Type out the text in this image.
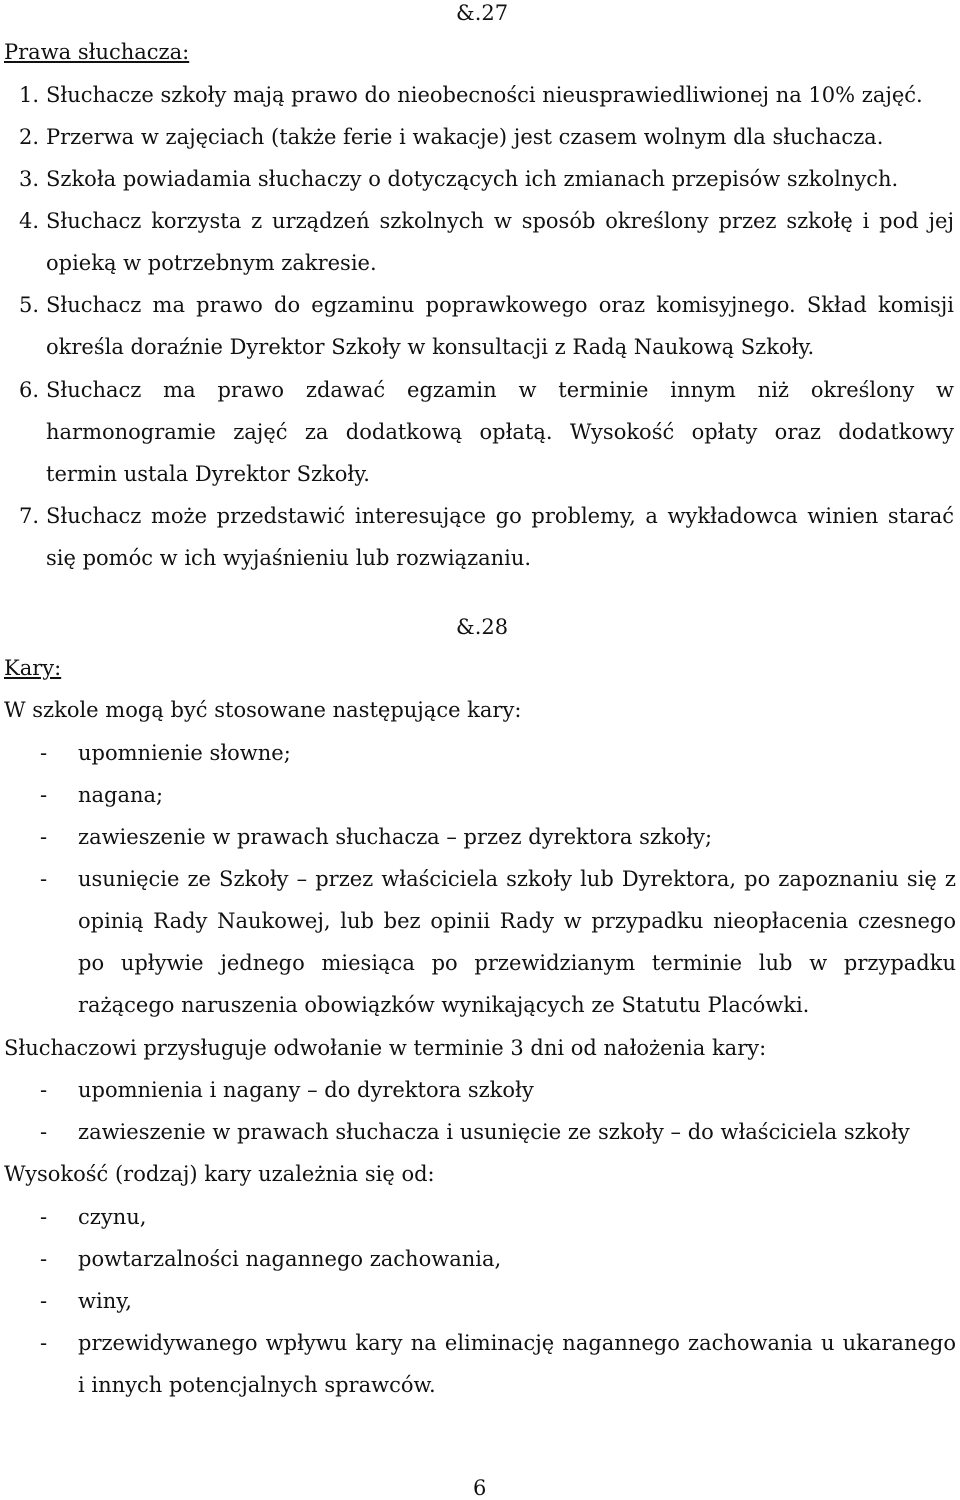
&.27
Prawa słuchacza:
1. Słuchacze szkoły mają prawo do nieobecności nieusprawiedliwionej na 10% zajęć.
2. Przerwa w zajęciach (także ferie i wakacje) jest czasem wolnym dla słuchacza.
3. Szkoła powiadamia słuchaczy o dotyczących ich zmianach przepisów szkolnych.
4. Słuchacz korzysta z urządzeń szkolnych w sposób określony przez szkołę i pod jej
opieką w potrzebnym zakresie.
5. Słuchacz ma prawo do egzaminu poprawkowego oraz komisyjnego. Skład komisji
określa doraźnie Dyrektor Szkoły w konsultacji z Radą Naukową Szkoły.
6. Słuchacz ma prawo zdawać egzamin w terminie innym niż określony w
harmonogramie zajęć za dodatkową opłatą. Wysokość opłaty oraz dodatkowy
termin ustala Dyrektor Szkoły.
7. Słuchacz może przedstawić interesujące go problemy, a wykładowca winien starać
się pomóc w ich wyjaśnieniu lub rozwiązaniu.
&.28
Kary:
W szkole mogą być stosowane następujące kary:
- upomnienie słowne;
- nagana;
- zawieszenie w prawach słuchacza – przez dyrektora szkoły;
- usunięcie ze Szkoły – przez właściciela szkoły lub Dyrektora, po zapoznaniu się z
opinią Rady Naukowej, lub bez opinii Rady w przypadku nieopłacenia czesnego
po upływie jednego miesiąca po przewidzianym terminie lub w przypadku
rażącego naruszenia obowiązków wynikających ze Statutu Placówki.
Słuchaczowi przysługuje odwołanie w terminie 3 dni od nałożenia kary:
- upomnienia i nagany – do dyrektora szkoły
- zawieszenie w prawach słuchacza i usunięcie ze szkoły – do właściciela szkoły
Wysokość (rodzaj) kary uzależnia się od:
- czynu,
- powtarzalności nagannego zachowania,
- winy,
- przewidywanego wpływu kary na eliminację nagannego zachowania u ukaranego
i innych potencjalnych sprawców.
6
